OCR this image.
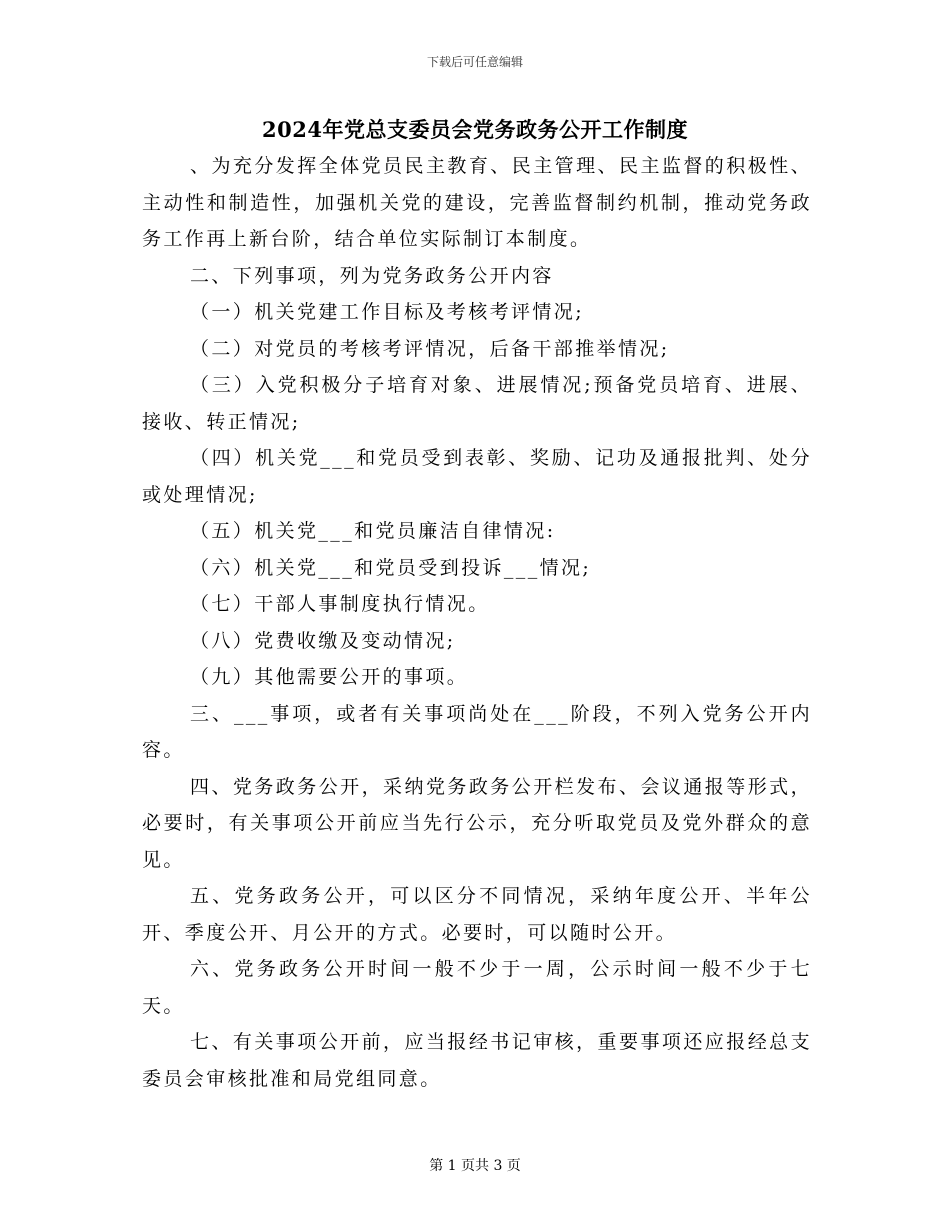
下载后可任意编辑
2024年党总支委员会党务政务公开工作制度

、为充分发挥全体党员民主教育、民主管理、民主监督的积极性、主动性和制造性，加强机关党的建设，完善监督制约机制，推动党务政务工作再上新台阶，结合单位实际制订本制度。

二、下列事项，列为党务政务公开内容

（一）机关党建工作目标及考核考评情况;

（二）对党员的考核考评情况，后备干部推举情况;

（三）入党积极分子培育对象、进展情况;预备党员培育、进展、接收、转正情况;

（四）机关党___和党员受到表彰、奖励、记功及通报批判、处分或处理情况;

（五）机关党___和党员廉洁自律情况:

（六）机关党___和党员受到投诉___情况;

（七）干部人事制度执行情况。

（八）党费收缴及变动情况;

（九）其他需要公开的事项。

三、___事项，或者有关事项尚处在___阶段，不列入党务公开内容。

四、党务政务公开，采纳党务政务公开栏发布、会议通报等形式，必要时，有关事项公开前应当先行公示，充分听取党员及党外群众的意见。

五、党务政务公开，可以区分不同情况，采纳年度公开、半年公开、季度公开、月公开的方式。必要时，可以随时公开。

六、党务政务公开时间一般不少于一周，公示时间一般不少于七天。

七、有关事项公开前，应当报经书记审核，重要事项还应报经总支委员会审核批准和局党组同意。

第 1 页共 3 页
